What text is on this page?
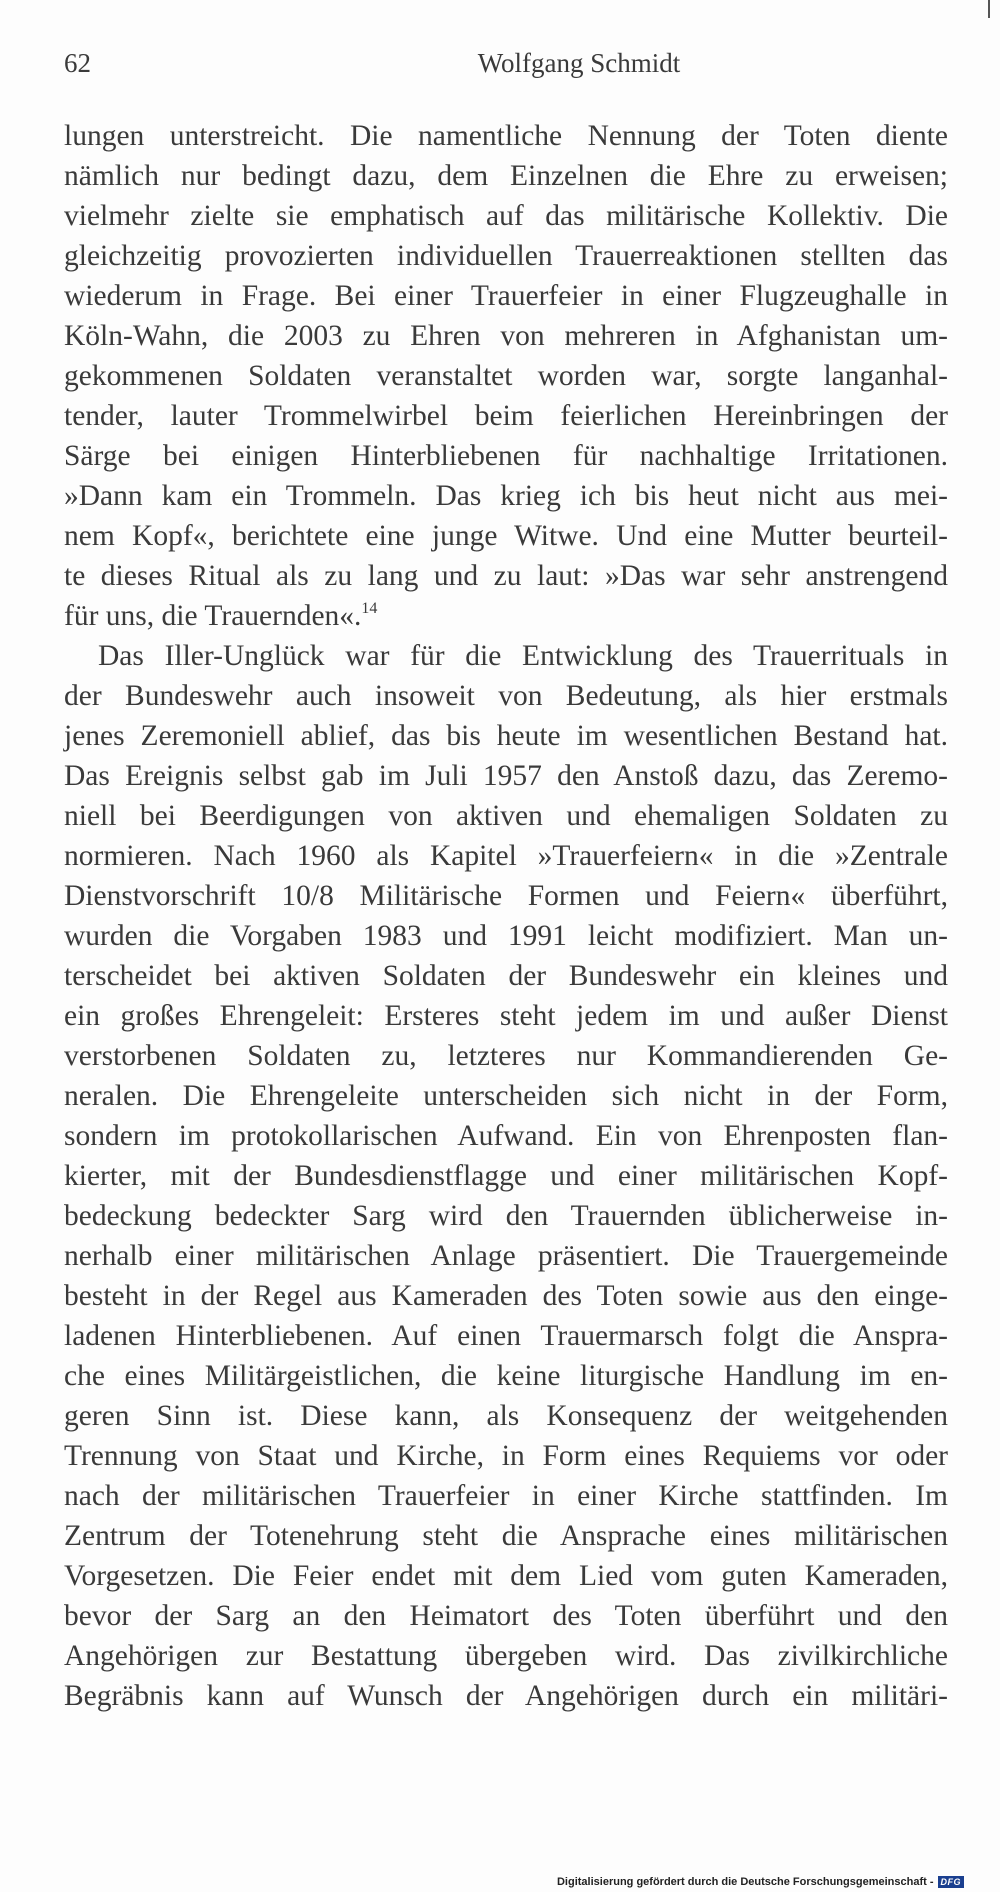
62	Wolfgang Schmidt
lungen unterstreicht. Die namentliche Nennung der Toten diente
nämlich nur bedingt dazu, dem Einzelnen die Ehre zu erweisen;
vielmehr zielte sie emphatisch auf das militärische Kollektiv. Die
gleichzeitig provozierten individuellen Trauerreaktionen stellten das
wiederum in Frage. Bei einer Trauerfeier in einer Flugzeughalle in
Köln-Wahn, die 2003 zu Ehren von mehreren in Afghanistan um-
gekommenen Soldaten veranstaltet worden war, sorgte langanhal-
tender, lauter Trommelwirbel beim feierlichen Hereinbringen der
Särge bei einigen Hinterbliebenen für nachhaltige Irritationen.
»Dann kam ein Trommeln. Das krieg ich bis heut nicht aus mei-
nem Kopf«, berichtete eine junge Witwe. Und eine Mutter beurteil-
te dieses Ritual als zu lang und zu laut: »Das war sehr anstrengend
für uns, die Trauernden«.$^{14}$
Das Iller-Unglück war für die Entwicklung des Trauerrituals in
der Bundeswehr auch insoweit von Bedeutung, als hier erstmals
jenes Zeremoniell ablief, das bis heute im wesentlichen Bestand hat.
Das Ereignis selbst gab im Juli 1957 den Anstoß dazu, das Zeremo-
niell bei Beerdigungen von aktiven und ehemaligen Soldaten zu
normieren. Nach 1960 als Kapitel »Trauerfeiern« in die »Zentrale
Dienstvorschrift 10/8 Militärische Formen und Feiern« überführt,
wurden die Vorgaben 1983 und 1991 leicht modifiziert. Man un-
terscheidet bei aktiven Soldaten der Bundeswehr ein kleines und
ein großes Ehrengeleit: Ersteres steht jedem im und außer Dienst
verstorbenen Soldaten zu, letzteres nur Kommandierenden Ge-
neralen. Die Ehrengeleite unterscheiden sich nicht in der Form,
sondern im protokollarischen Aufwand. Ein von Ehrenposten flan-
kierter, mit der Bundesdienstflagge und einer militärischen Kopf-
bedeckung bedeckter Sarg wird den Trauernden üblicherweise in-
nerhalb einer militärischen Anlage präsentiert. Die Trauergemeinde
besteht in der Regel aus Kameraden des Toten sowie aus den einge-
ladenen Hinterbliebenen. Auf einen Trauermarsch folgt die Anspra-
che eines Militärgeistlichen, die keine liturgische Handlung im en-
geren Sinn ist. Diese kann, als Konsequenz der weitgehenden
Trennung von Staat und Kirche, in Form eines Requiems vor oder
nach der militärischen Trauerfeier in einer Kirche stattfinden. Im
Zentrum der Totenehrung steht die Ansprache eines militärischen
Vorgesetzen. Die Feier endet mit dem Lied vom guten Kameraden,
bevor der Sarg an den Heimatort des Toten überführt und den
Angehörigen zur Bestattung übergeben wird. Das zivilkirchliche
Begräbnis kann auf Wunsch der Angehörigen durch ein militäri-
Digitalisierung gefördert durch die Deutsche Forschungsgemeinschaft - DFG
